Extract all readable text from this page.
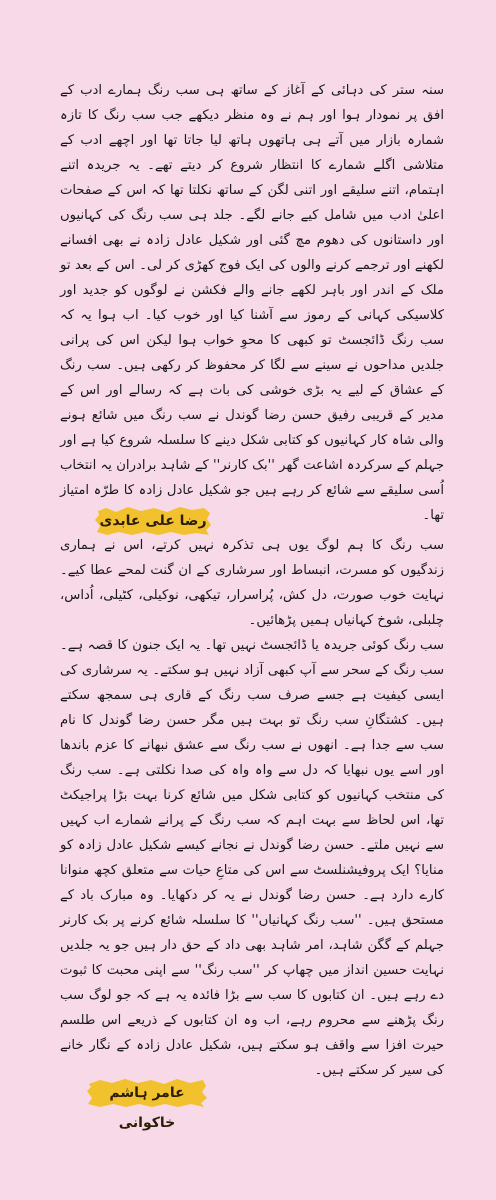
سنہ ستر کی دہائی کے آغاز کے ساتھ ہی سب رنگ ہمارے ادب کے افق پر نمودار ہوا اور ہم نے وہ منظر دیکھے جب سب رنگ کا تازہ شمارہ بازار میں آتے ہی ہاتھوں ہاتھ لیا جاتا تھا اور اچھے ادب کے متلاشی اگلے شمارے کا انتظار شروع کر دیتے تھے۔ یہ جریدہ اتنے اہتمام، اتنے سلیقے اور اتنی لگن کے ساتھ نکلتا تھا کہ اس کے صفحات اعلیٰ ادب میں شامل کیے جانے لگے۔ جلد ہی سب رنگ کی کہانیوں اور داستانوں کی دھوم مچ گئی اور شکیل عادل زادہ نے بھی افسانے لکھنے اور ترجمے کرنے والوں کی ایک فوج کھڑی کر لی۔ اس کے بعد تو ملک کے اندر اور باہر لکھے جانے والے فکشن نے لوگوں کو جدید اور کلاسیکی کہانی کے رموز سے آشنا کیا اور خوب کیا۔ اب ہوا یہ کہ سب رنگ ڈائجسٹ تو کبھی کا محوِ خواب ہوا لیکن اس کی پرانی جلدیں مداحوں نے سینے سے لگا کر محفوظ کر رکھی ہیں۔ سب رنگ کے عشاق کے لیے یہ بڑی خوشی کی بات ہے کہ رسالے اور اس کے مدیر کے قریبی رفیق حسن رضا گوندل نے سب رنگ میں شائع ہونے والی شاہ کار کہانیوں کو کتابی شکل دینے کا سلسلہ شروع کیا ہے اور جہلم کے سرکردہ اشاعت گھر ''بک کارنر'' کے شاہد برادران یہ انتخاب اُسی سلیقے سے شائع کر رہے ہیں جو شکیل عادل زادہ کا طرّہ امتیاز تھا۔

رضا علی عابدی

سب رنگ کا ہم لوگ یوں ہی تذکرہ نہیں کرتے، اس نے ہماری زندگیوں کو مسرت، انبساط اور سرشاری کے ان گنت لمحے عطا کیے۔ نہایت خوب صورت، دل کش، پُراسرار، تیکھی، نوکیلی، کٹیلی، اُداس، چلبلی، شوخ کہانیاں ہمیں پڑھائیں۔

سب رنگ کوئی جریدہ یا ڈائجسٹ نہیں تھا۔ یہ ایک جنون کا قصہ ہے۔ سب رنگ کے سحر سے آپ کبھی آزاد نہیں ہو سکتے۔ یہ سرشاری کی ایسی کیفیت ہے جسے صرف سب رنگ کے قاری ہی سمجھ سکتے ہیں۔ کشتگانِ سب رنگ تو بہت ہیں مگر حسن رضا گوندل کا نام سب سے جدا ہے۔ انھوں نے سب رنگ سے عشق نبھانے کا عزم باندھا اور اسے یوں نبھایا کہ دل سے واہ واہ کی صدا نکلتی ہے۔ سب رنگ کی منتخب کہانیوں کو کتابی شکل میں شائع کرنا بہت بڑا پراجیکٹ تھا، اس لحاظ سے بہت اہم کہ سب رنگ کے پرانے شمارے اب کہیں سے نہیں ملتے۔ حسن رضا گوندل نے نجانے کیسے شکیل عادل زادہ کو منایا؟ ایک پروفیشنلسٹ سے اس کی متاعِ حیات سے متعلق کچھ منوانا کارے دارد ہے۔ حسن رضا گوندل نے یہ کر دکھایا۔ وہ مبارک باد کے مستحق ہیں۔ ''سب رنگ کہانیاں'' کا سلسلہ شائع کرنے پر بک کارنر جہلم کے گگن شاہد، امر شاہد بھی داد کے حق دار ہیں جو یہ جلدیں نہایت حسین انداز میں چھاپ کر ''سب رنگ'' سے اپنی محبت کا ثبوت دے رہے ہیں۔ ان کتابوں کا سب سے بڑا فائدہ یہ ہے کہ جو لوگ سب رنگ پڑھنے سے محروم رہے، اب وہ ان کتابوں کے ذریعے اس طلسم حیرت افزا سے واقف ہو سکتے ہیں، شکیل عادل زادہ کے نگار خانے کی سیر کر سکتے ہیں۔

عامر ہاشم خاکوانی
